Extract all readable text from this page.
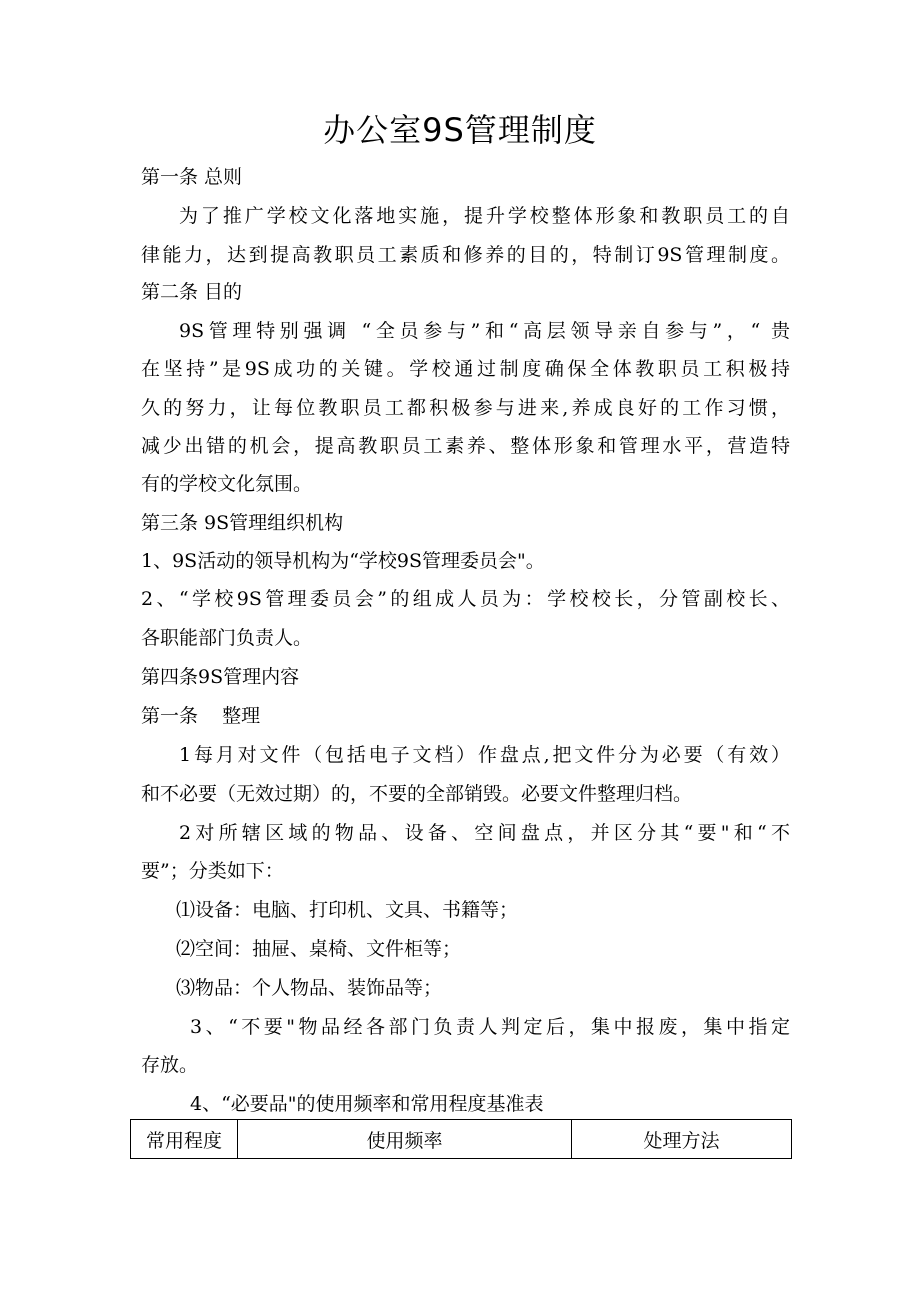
办公室9S管理制度
第一条 总则
为了推广学校文化落地实施，提升学校整体形象和教职员工的自
律能力，达到提高教职员工素质和修养的目的，特制订9S管理制度。
第二条 目的
9S管理特别强调 “全员参与”和“高层领导亲自参与”，“ 贵
在坚持”是9S成功的关键。学校通过制度确保全体教职员工积极持
久的努力，让每位教职员工都积极参与进来,养成良好的工作习惯，
减少出错的机会，提高教职员工素养、整体形象和管理水平，营造特
有的学校文化氛围。
第三条 9S管理组织机构
1、9S活动的领导机构为“学校9S管理委员会"。
2、“学校9S管理委员会”的组成人员为：学校校长，分管副校长、
各职能部门负责人。
第四条9S管理内容
第一条    整理
1每月对文件（包括电子文档）作盘点,把文件分为必要（有效）
和不必要（无效过期）的，不要的全部销毁。必要文件整理归档。
2对所辖区域的物品、设备、空间盘点，并区分其“要"和“不
要”；分类如下：
⑴设备：电脑、打印机、文具、书籍等；
⑵空间：抽屉、桌椅、文件柜等；
⑶物品：个人物品、装饰品等；
3、“不要"物品经各部门负责人判定后，集中报废，集中指定
存放。
4、“必要品"的使用频率和常用程度基准表
常用程度	使用频率	处理方法
